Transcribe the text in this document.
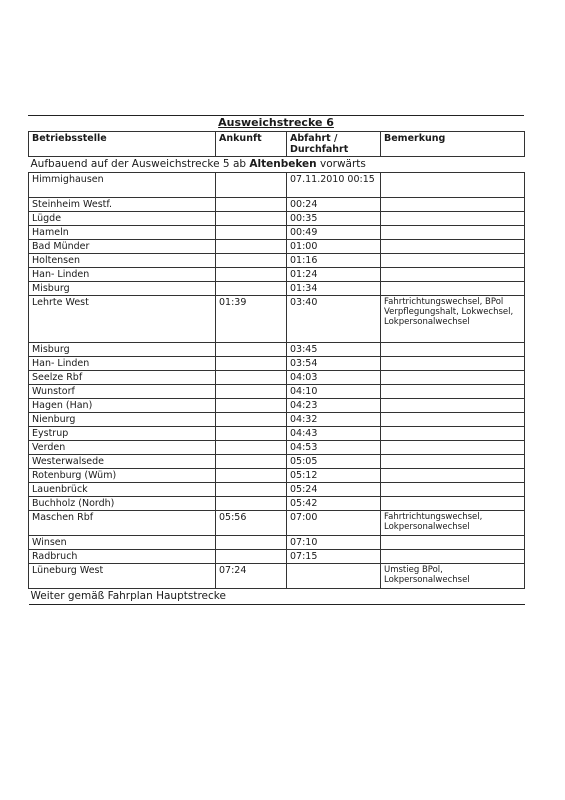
Ausweichstrecke 6
Betriebsstelle	Ankunft	Abfahrt / Durchfahrt	Bemerkung
Aufbauend auf der Ausweichstrecke 5 ab Altenbeken vorwärts			
Himmighausen		07.11.2010 00:15	
Steinheim Westf.		00:24	
Lügde		00:35	
Hameln		00:49	
Bad Münder		01:00	
Holtensen		01:16	
Han- Linden		01:24	
Misburg		01:34	
Lehrte West	01:39	03:40	Fahrtrichtungswechsel, BPol Verpflegungshalt, Lokwechsel, Lokpersonalwechsel
Misburg		03:45	
Han- Linden		03:54	
Seelze Rbf		04:03	
Wunstorf		04:10	
Hagen (Han)		04:23	
Nienburg		04:32	
Eystrup		04:43	
Verden		04:53	
Westerwalsede		05:05	
Rotenburg (Wüm)		05:12	
Lauenbrück		05:24	
Buchholz (Nordh)		05:42	
Maschen Rbf	05:56	07:00	Fahrtrichtungswechsel, Lokpersonalwechsel
Winsen		07:10	
Radbruch		07:15	
Lüneburg West	07:24		Umstieg BPol, Lokpersonalwechsel
Weiter gemäß Fahrplan Hauptstrecke			
